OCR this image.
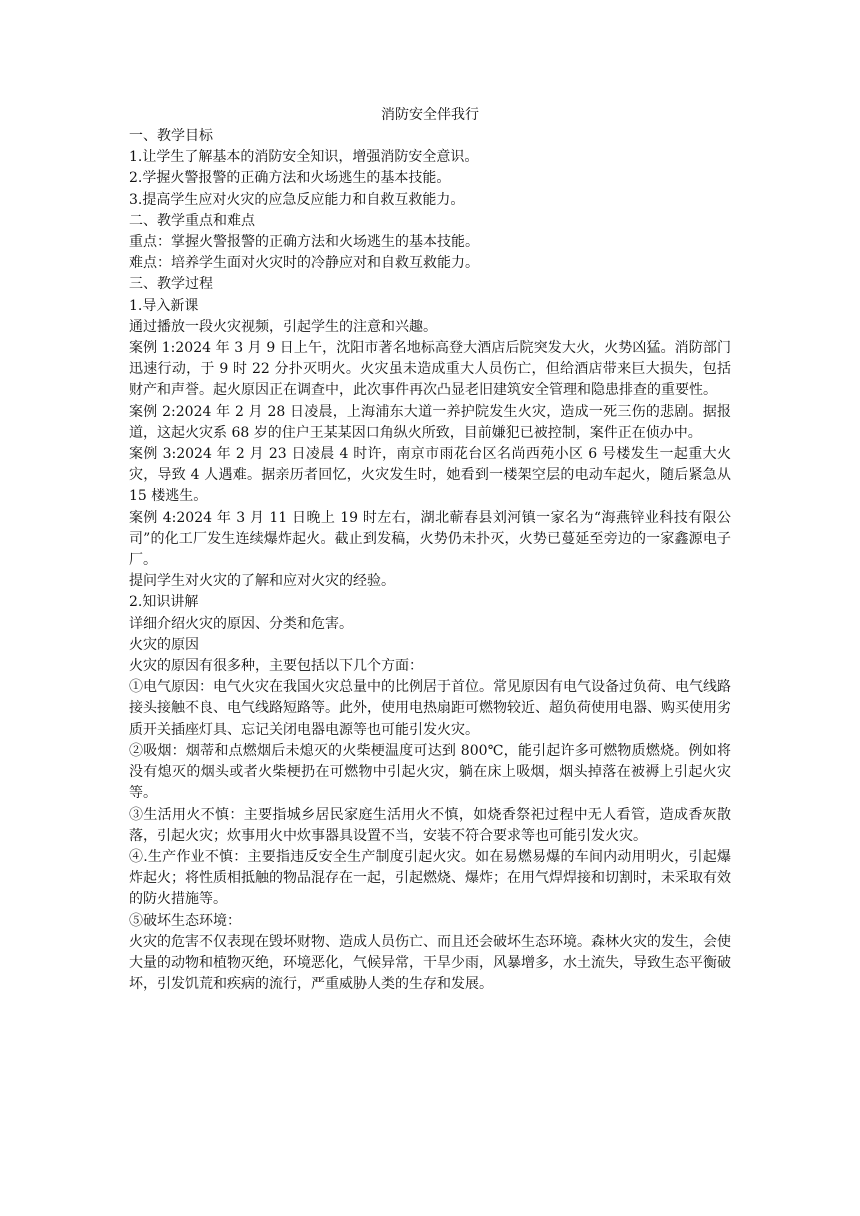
消防安全伴我行

一、教学目标

1.让学生了解基本的消防安全知识，增强消防安全意识。

2.学握火警报警的正确方法和火场逃生的基本技能。

3.提高学生应对火灾的应急反应能力和自救互救能力。

二、教学重点和难点

重点：掌握火警报警的正确方法和火场逃生的基本技能。

难点：培养学生面对火灾时的冷静应对和自救互救能力。

三、教学过程

1.导入新课

通过播放一段火灾视频，引起学生的注意和兴趣。

案例 1:2024 年 3 月 9 日上午，沈阳市著名地标高登大酒店后院突发大火，火势凶猛。消防部门迅速行动，于 9 时 22 分扑灭明火。火灾虽未造成重大人员伤亡，但给酒店带来巨大损失，包括财产和声誉。起火原因正在调查中，此次事件再次凸显老旧建筑安全管理和隐患排查的重要性。

案例 2:2024 年 2 月 28 日凌晨，上海浦东大道一养护院发生火灾，造成一死三伤的悲剧。据报道，这起火灾系 68 岁的住户王某某因口角纵火所致，目前嫌犯已被控制，案件正在侦办中。

案例 3:2024 年 2 月 23 日凌晨 4 时许，南京市雨花台区名尚西苑小区 6 号楼发生一起重大火灾，导致 4 人遇难。据亲历者回忆，火灾发生时，她看到一楼架空层的电动车起火，随后紧急从 15 楼逃生。

案例 4:2024 年 3 月 11 日晚上 19 时左右，湖北蕲春县刘河镇一家名为“海燕锌业科技有限公司”的化工厂发生连续爆炸起火。截止到发稿，火势仍未扑灭，火势已蔓延至旁边的一家鑫源电子厂。

提问学生对火灾的了解和应对火灾的经验。

2.知识讲解

详细介绍火灾的原因、分类和危害。

火灾的原因

火灾的原因有很多种，主要包括以下几个方面：

①电气原因：电气火灾在我国火灾总量中的比例居于首位。常见原因有电气设备过负荷、电气线路接头接触不良、电气线路短路等。此外，使用电热扇距可燃物较近、超负荷使用电器、购买使用劣质开关插座灯具、忘记关闭电器电源等也可能引发火灾。

②吸烟：烟蒂和点燃烟后未熄灭的火柴梗温度可达到 800℃，能引起许多可燃物质燃烧。例如将没有熄灭的烟头或者火柴梗扔在可燃物中引起火灾，躺在床上吸烟，烟头掉落在被褥上引起火灾等。

③生活用火不慎：主要指城乡居民家庭生活用火不慎，如烧香祭祀过程中无人看管，造成香灰散落，引起火灾；炊事用火中炊事器具设置不当，安装不符合要求等也可能引发火灾。

④.生产作业不慎：主要指违反安全生产制度引起火灾。如在易燃易爆的车间内动用明火，引起爆炸起火；将性质相抵触的物品混存在一起，引起燃烧、爆炸；在用气焊焊接和切割时，未采取有效的防火措施等。

⑤破坏生态环境：

火灾的危害不仅表现在毁坏财物、造成人员伤亡、而且还会破坏生态环境。森林火灾的发生，会使大量的动物和植物灭绝，环境恶化，气候异常，干旱少雨，风暴增多，水土流失，导致生态平衡破坏，引发饥荒和疾病的流行，严重威胁人类的生存和发展。
